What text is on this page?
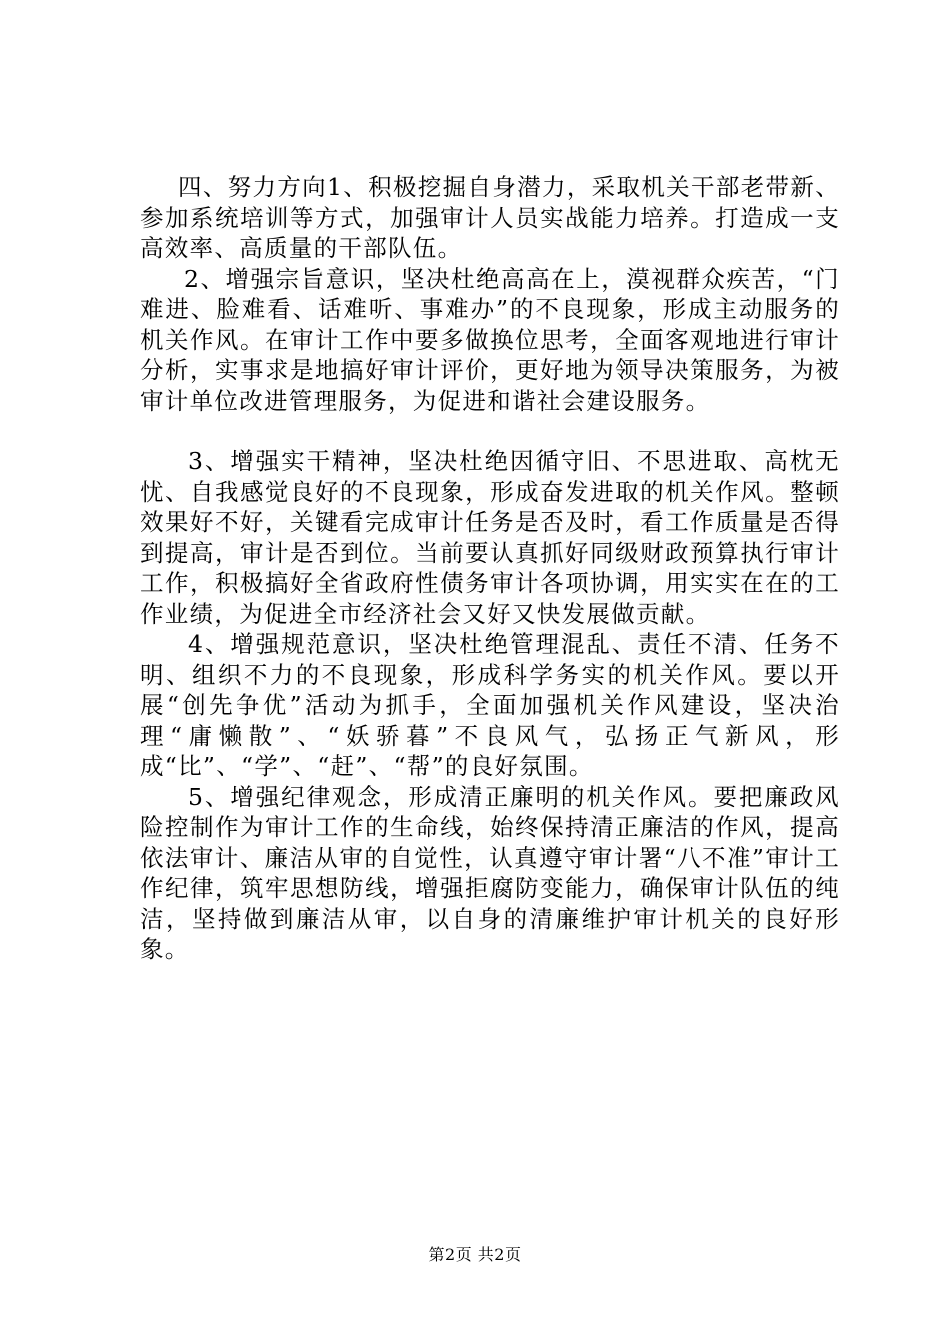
四、努力方向1、积极挖掘自身潜力，采取机关干部老带新、参加系统培训等方式，加强审计人员实战能力培养。打造成一支高效率、高质量的干部队伍。

2、增强宗旨意识，坚决杜绝高高在上，漠视群众疾苦，“门难进、脸难看、话难听、事难办”的不良现象，形成主动服务的机关作风。在审计工作中要多做换位思考，全面客观地进行审计分析，实事求是地搞好审计评价，更好地为领导决策服务，为被审计单位改进管理服务，为促进和谐社会建设服务。

3、增强实干精神，坚决杜绝因循守旧、不思进取、高枕无忧、自我感觉良好的不良现象，形成奋发进取的机关作风。整顿效果好不好，关键看完成审计任务是否及时，看工作质量是否得到提高，审计是否到位。当前要认真抓好同级财政预算执行审计工作，积极搞好全省政府性债务审计各项协调，用实实在在的工作业绩，为促进全市经济社会又好又快发展做贡献。

4、增强规范意识，坚决杜绝管理混乱、责任不清、任务不明、组织不力的不良现象，形成科学务实的机关作风。要以开展“创先争优”活动为抓手，全面加强机关作风建设，坚决治理“庸懒散”、“妖骄暮”不良风气，弘扬正气新风，形成“比”、“学”、“赶”、“帮”的良好氛围。

5、增强纪律观念，形成清正廉明的机关作风。要把廉政风险控制作为审计工作的生命线，始终保持清正廉洁的作风，提高依法审计、廉洁从审的自觉性，认真遵守审计署“八不准”审计工作纪律，筑牢思想防线，增强拒腐防变能力，确保审计队伍的纯洁，坚持做到廉洁从审，以自身的清廉维护审计机关的良好形象。

第2页 共2页
